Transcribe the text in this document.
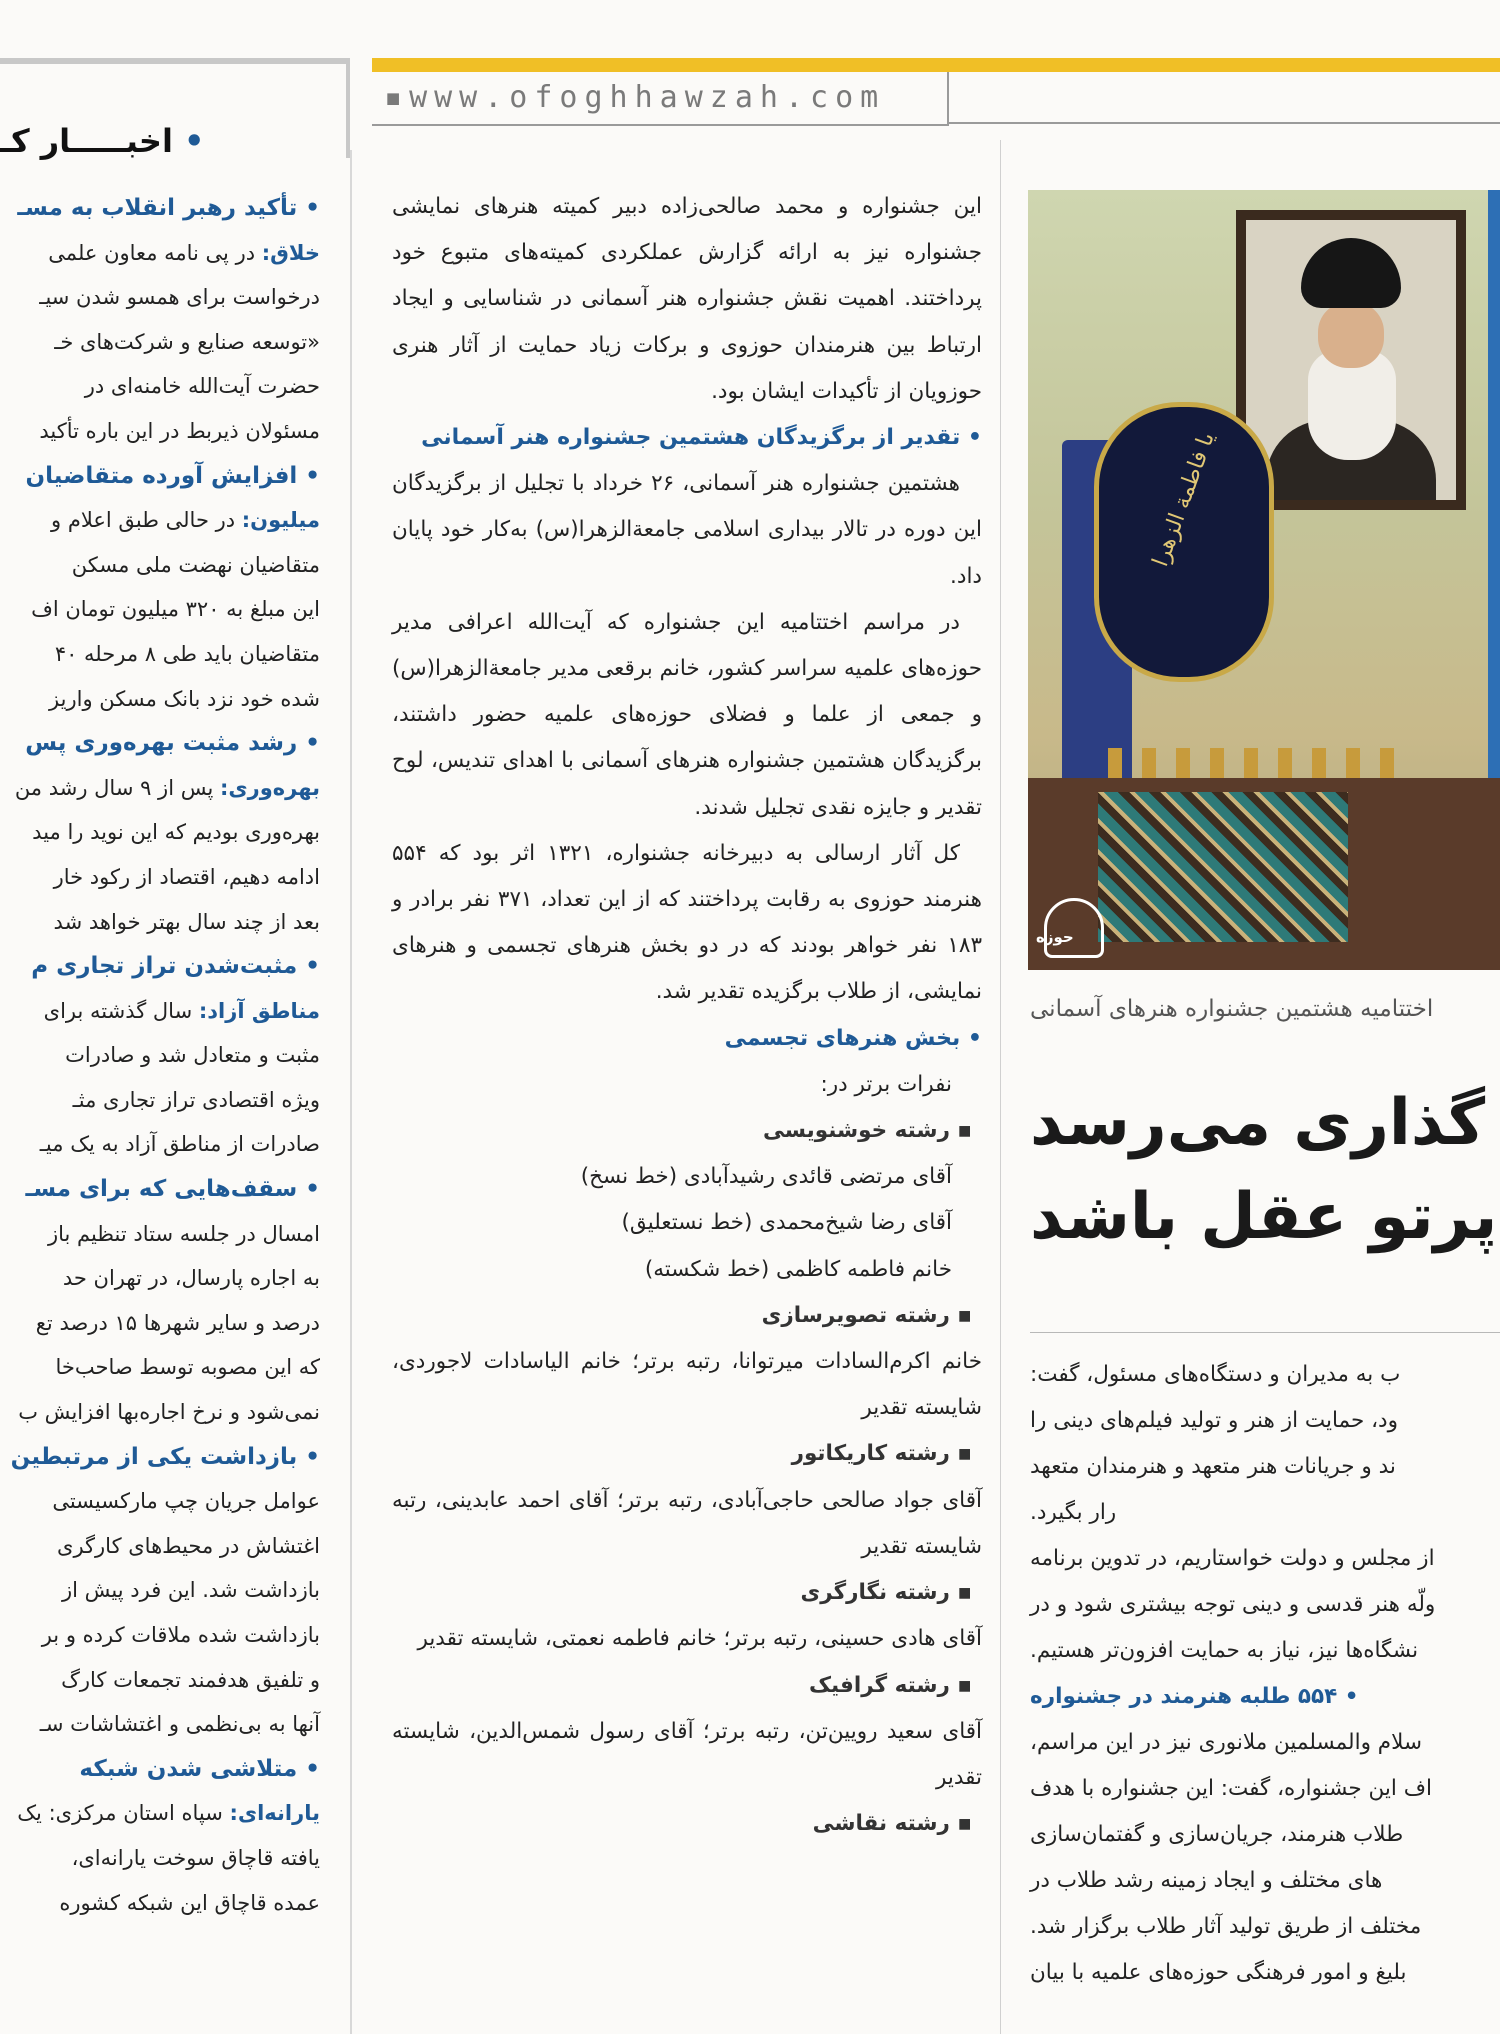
▪www.ofoghhawzah.com
• اخبـــــار کـ

• تأکید رهبر انقلاب به مسـ

خلاق: در پی نامه معاون علمی

درخواست برای همسو شدن سیـ

«توسعه صنایع و شرکت‌های خـ

حضرت آیت‌الله خامنه‌ای در

مسئولان ذیربط در این باره تأکید

• افزایش آورده متقاضیان

میلیون: در حالی طبق اعلام و

متقاضیان نهضت ملی مسکن

این مبلغ به ۳۲۰ میلیون تومان اف

متقاضیان باید طی ۸ مرحله ۴۰

شده خود نزد بانک مسکن واریز

• رشد مثبت بهره‌وری پس

بهره‌وری: پس از ۹ سال رشد من

بهره‌وری بودیم که این نوید را مید

ادامه دهیم، اقتصاد از رکود خار

بعد از چند سال بهتر خواهد شد

• مثبت‌شدن تراز تجاری م

مناطق آزاد: سال گذشته برای

مثبت و متعادل شد و صادرات

ویژه اقتصادی تراز تجاری مثـ

صادرات از مناطق آزاد به یک میـ

• سقف‌هایی که برای مسـ

امسال در جلسه ستاد تنظیم باز

به اجاره پارسال، در تهران حد

درصد و سایر شهرها ۱۵ درصد تع

که این مصوبه توسط صاحب‌خا

نمی‌شود و نرخ اجاره‌بها افزایش ب

• بازداشت یکی از مرتبطین

عوامل جریان چپ مارکسیستی

اغتشاش در محیط‌های کارگری

بازداشت شد. این فرد پیش از

بازداشت شده ملاقات کرده و بر

و تلفیق هدفمند تجمعات کارگ

آنها به بی‌نظمی و اغتشاشات سـ

• متلاشی شدن شبکه

یارانه‌ای: سپاه استان مرکزی: یک

یافته قاچاق سوخت یارانه‌ای،

عمده قاچاق این شبکه کشوره

این جشنواره و محمد صالحی‌زاده دبیر کمیته هنرهای نمایشی جشنواره نیز به ارائه گزارش عملکردی کمیته‌های متبوع خود پرداختند. اهمیت نقش جشنواره هنر آسمانی در شناسایی و ایجاد ارتباط بین هنرمندان حوزوی و برکات زیاد حمایت از آثار هنری حوزویان از تأکیدات ایشان بود.

• تقدیر از برگزیدگان هشتمین جشنواره هنر آسمانی

هشتمین جشنواره هنر آسمانی، ۲۶ خرداد با تجلیل از برگزیدگان این دوره در تالار بیداری اسلامی جامعة‌الزهرا(س) به‌کار خود پایان داد.

در مراسم اختتامیه این جشنواره که آیت‌الله اعرافی مدیر حوزه‌های علمیه سراسر کشور، خانم برقعی مدیر جامعة‌الزهرا(س) و جمعی از علما و فضلای حوزه‌های علمیه حضور داشتند، برگزیدگان هشتمین جشنواره هنرهای آسمانی با اهدای تندیس، لوح تقدیر و جایزه نقدی تجلیل شدند.

کل آثار ارسالی به دبیرخانه جشنواره، ۱۳۲۱ اثر بود که ۵۵۴ هنرمند حوزوی به رقابت پرداختند که از این تعداد، ۳۷۱ نفر برادر و ۱۸۳ نفر خواهر بودند که در دو بخش هنرهای تجسمی و هنرهای نمایشی، از طلاب برگزیده تقدیر شد.

• بخش هنرهای تجسمی

نفرات برتر در:

▪ رشته خوشنویسی

آقای مرتضی قائدی رشیدآبادی (خط نسخ)

آقای رضا شیخ‌محمدی (خط نستعلیق)

خانم فاطمه کاظمی (خط شکسته)

▪ رشته تصویرسازی

خانم اکرم‌السادات میرتوانا، رتبه برتر؛ خانم الیاسادات لاجوردی، شایسته تقدیر

▪ رشته کاریکاتور

آقای جواد صالحی حاجی‌آبادی، رتبه برتر؛ آقای احمد عابدینی، رتبه شایسته تقدیر

▪ رشته نگارگری

آقای هادی حسینی، رتبه برتر؛ خانم فاطمه نعمتی، شایسته تقدیر

▪ رشته گرافیک

آقای سعید رویین‌تن، رتبه برتر؛ آقای رسول شمس‌الدین، شایسته تقدیر

▪ رشته نقاشی

یا فاطمة الزهرا
حوزه
اختتامیه هشتمین جشنواره هنرهای آسمانی
گذاری می‌رسد
پرتو عقل باشد

ب به مدیران و دستگاه‌های مسئول، گفت:

ود، حمایت از هنر و تولید فیلم‌های دینی را

ند و جریانات هنر متعهد و هنرمندان متعهد

رار بگیرد.

از مجلس و دولت خواستاریم، در تدوین برنامه

ولّه هنر قدسی و دینی توجه بیشتری شود و در

نشگاه‌ها نیز، نیاز به حمایت افزون‌تر هستیم.

• ۵۵۴ طلبه هنرمند در جشنواره

سلام والمسلمین ملانوری نیز در این مراسم،

اف این جشنواره، گفت: این جشنواره با هدف

طلاب هنرمند، جریان‌سازی و گفتمان‌سازی

های مختلف و ایجاد زمینه رشد طلاب در

مختلف از طریق تولید آثار طلاب برگزار شد.

بلیغ و امور فرهنگی حوزه‌های علمیه با بیان
